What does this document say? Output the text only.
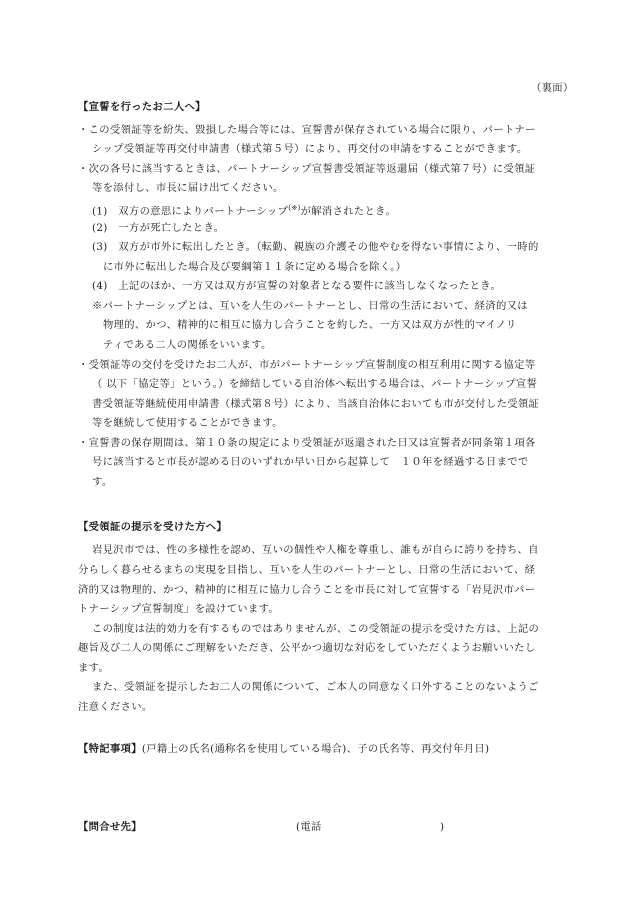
（裏面）
【宣誓を行ったお二人へ】
・この受領証等を紛失、毀損した場合等には、宣誓書が保存されている場合に限り、パートナー
シップ受領証等再交付申請書（様式第５号）により、再交付の申請をすることができます。
・次の各号に該当するときは、パートナーシップ宣誓書受領証等返還届（様式第７号）に受領証
等を添付し、市長に届け出てください。
(1)　双方の意思によりパートナーシップ(※)が解消されたとき。
(2)　一方が死亡したとき。
(3)　双方が市外に転出したとき。（転勤、親族の介護その他やむを得ない事情により、一時的
に市外に転出した場合及び要綱第１１条に定める場合を除く。）
(4)　上記のほか、一方又は双方が宣誓の対象者となる要件に該当しなくなったとき。
※パートナーシップとは、互いを人生のパートナーとし、日常の生活において、経済的又は
物理的、かつ、精神的に相互に協力し合うことを約した、一方又は双方が性的マイノリ
ティである二人の関係をいいます。
・受領証等の交付を受けたお二人が、市がパートナーシップ宣誓制度の相互利用に関する協定等
（ 以下「協定等」という。）を締結している自治体へ転出する場合は、パートナーシップ宣誓
書受領証等継続使用申請書（様式第８号）により、当該自治体においても市が交付した受領証
等を継続して使用することができます。
・宣誓書の保存期間は、第１０条の規定により受領証が返還された日又は宣誓者が同条第１項各
号に該当すると市長が認める日のいずれか早い日から起算して　１０年を経過する日までで
す。
【受領証の提示を受けた方へ】
岩見沢市では、性の多様性を認め、互いの個性や人権を尊重し、誰もが自らに誇りを持ち、自
分らしく暮らせるまちの実現を目指し、互いを人生のパートナーとし、日常の生活において、経
済的又は物理的、かつ、精神的に相互に協力し合うことを市長に対して宣誓する「岩見沢市パー
トナーシップ宣誓制度」を設けています。
この制度は法的効力を有するものではありませんが、この受領証の提示を受けた方は、上記の
趣旨及び二人の関係にご理解をいただき、公平かつ適切な対応をしていただくようお願いいたし
ます。
また、受領証を提示したお二人の関係について、ご本人の同意なく口外することのないようご
注意ください。
【特記事項】(戸籍上の氏名(通称名を使用している場合)、子の氏名等、再交付年月日)
【問合せ先】	(電話	)
